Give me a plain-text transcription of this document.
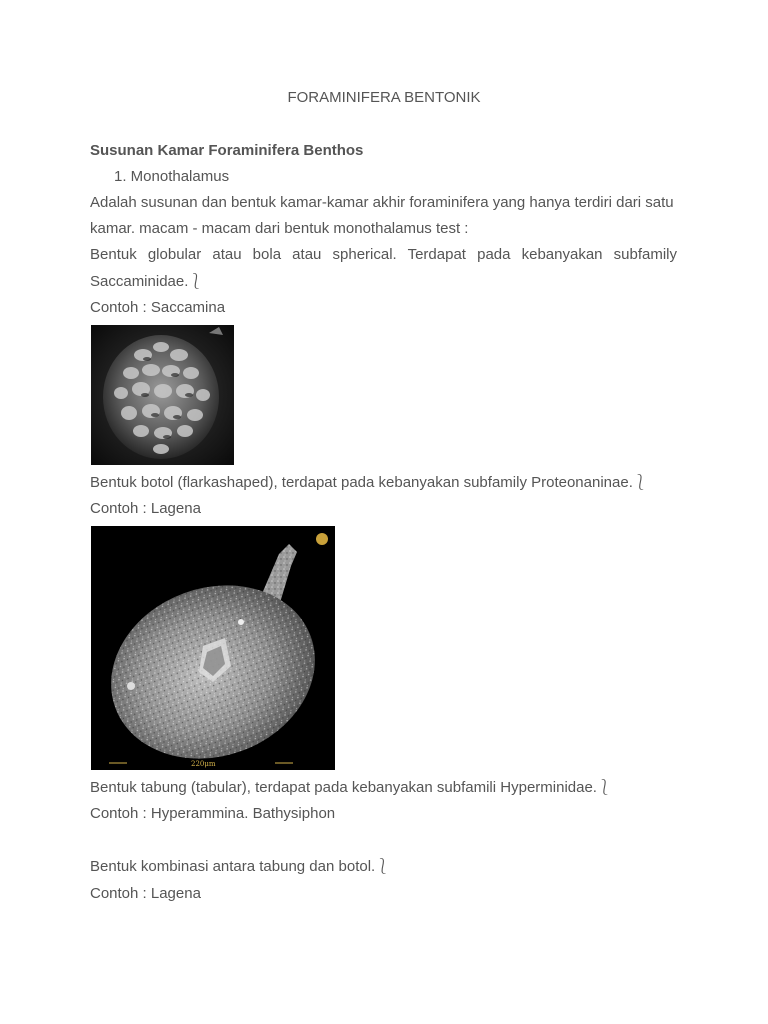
FORAMINIFERA BENTONIK
Susunan Kamar Foraminifera Benthos
1. Monothalamus
Adalah susunan dan bentuk kamar-kamar akhir foraminifera yang hanya terdiri dari satu
kamar. macam - macam dari bentuk monothalamus test :
Bentuk globular atau bola atau spherical. Terdapat pada kebanyakan subfamily
Saccaminidae.⎱
Contoh : Saccamina
Bentuk botol (flarkashaped), terdapat pada kebanyakan subfamily Proteonaninae.⎱
Contoh : Lagena
220μm
Bentuk tabung (tabular), terdapat pada kebanyakan subfamili Hyperminidae.⎱
Contoh : Hyperammina. Bathysiphon
Bentuk kombinasi antara tabung dan botol.⎱
Contoh : Lagena
